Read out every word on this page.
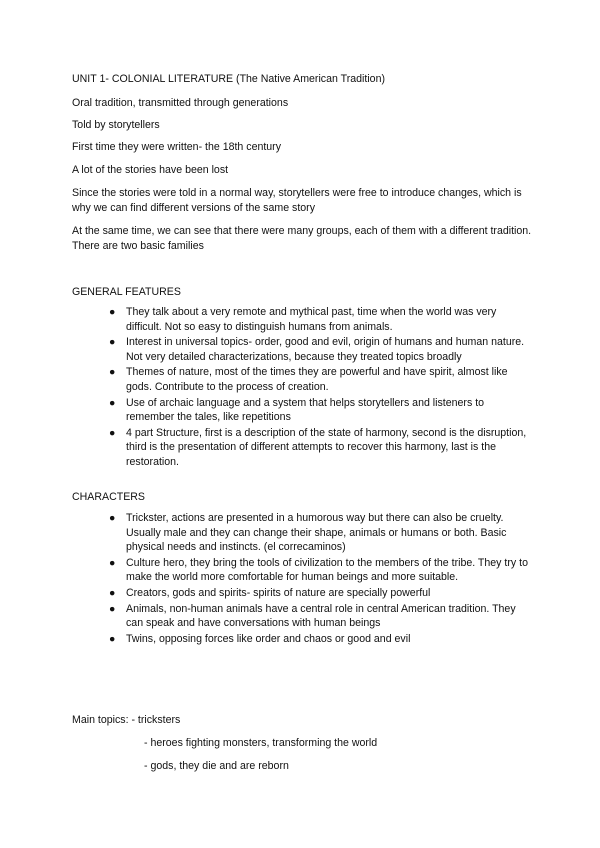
UNIT 1- COLONIAL LITERATURE (The Native American Tradition)

Oral tradition, transmitted through generations

Told by storytellers

First time they were written- the 18th century

A lot of the stories have been lost

Since the stories were told in a normal way, storytellers were free to introduce changes, which is why we can find different versions of the same story

At the same time, we can see that there were many groups, each of them with a different tradition. There are two basic families

GENERAL FEATURES

● They talk about a very remote and mythical past, time when the world was very difficult. Not so easy to distinguish humans from animals.
● Interest in universal topics- order, good and evil, origin of humans and human nature. Not very detailed characterizations, because they treated topics broadly
● Themes of nature, most of the times they are powerful and have spirit, almost like gods. Contribute to the process of creation.
● Use of archaic language and a system that helps storytellers and listeners to remember the tales, like repetitions
● 4 part Structure, first is a description of the state of harmony, second is the disruption, third is the presentation of different attempts to recover this harmony, last is the restoration.

CHARACTERS

● Trickster, actions are presented in a humorous way but there can also be cruelty. Usually male and they can change their shape, animals or humans or both. Basic physical needs and instincts. (el correcaminos)
● Culture hero, they bring the tools of civilization to the members of the tribe. They try to make the world more comfortable for human beings and more suitable.
● Creators, gods and spirits- spirits of nature are specially powerful
● Animals, non-human animals have a central role in central American tradition. They can speak and have conversations with human beings
● Twins, opposing forces like order and chaos or good and evil

Main topics: - tricksters

- heroes fighting monsters, transforming the world

- gods, they die and are reborn
